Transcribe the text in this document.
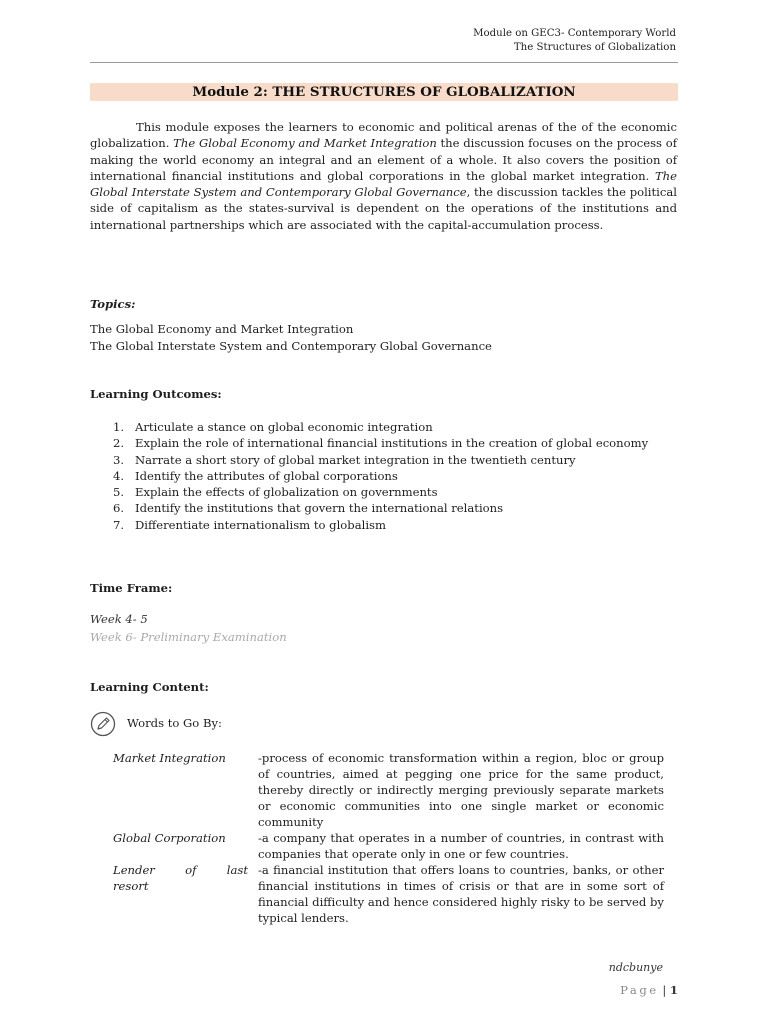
Module on GEC3- Contemporary World
The Structures of Globalization
Module 2: THE STRUCTURES OF GLOBALIZATION
This module exposes the learners to economic and political arenas of the of the economic globalization. The Global Economy and Market Integration the discussion focuses on the process of making the world economy an integral and an element of a whole. It also covers the position of international financial institutions and global corporations in the global market integration. The Global Interstate System and Contemporary Global Governance, the discussion tackles the political side of capitalism as the states-survival is dependent on the operations of the institutions and international partnerships which are associated with the capital-accumulation process.
Topics:
The Global Economy and Market Integration
The Global Interstate System and Contemporary Global Governance
Learning Outcomes:
1. Articulate a stance on global economic integration
2. Explain the role of international financial institutions in the creation of global economy
3. Narrate a short story of global market integration in the twentieth century
4. Identify the attributes of global corporations
5. Explain the effects of globalization on governments
6. Identify the institutions that govern the international relations
7. Differentiate internationalism to globalism
Time Frame:
Week 4- 5
Week 6- Preliminary Examination
Learning Content:
Words to Go By:
Market Integration	-process of economic transformation within a region, bloc or group of countries, aimed at pegging one price for the same product, thereby directly or indirectly merging previously separate markets or economic communities into one single market or economic community
Global Corporation	-a company that operates in a number of countries, in contrast with companies that operate only in one or few countries.
Lender of last
resort
-a financial institution that offers loans to countries, banks, or other financial institutions in times of crisis or that are in some sort of financial difficulty and hence considered highly risky to be served by typical lenders.
ndcbunye
Page | 1
